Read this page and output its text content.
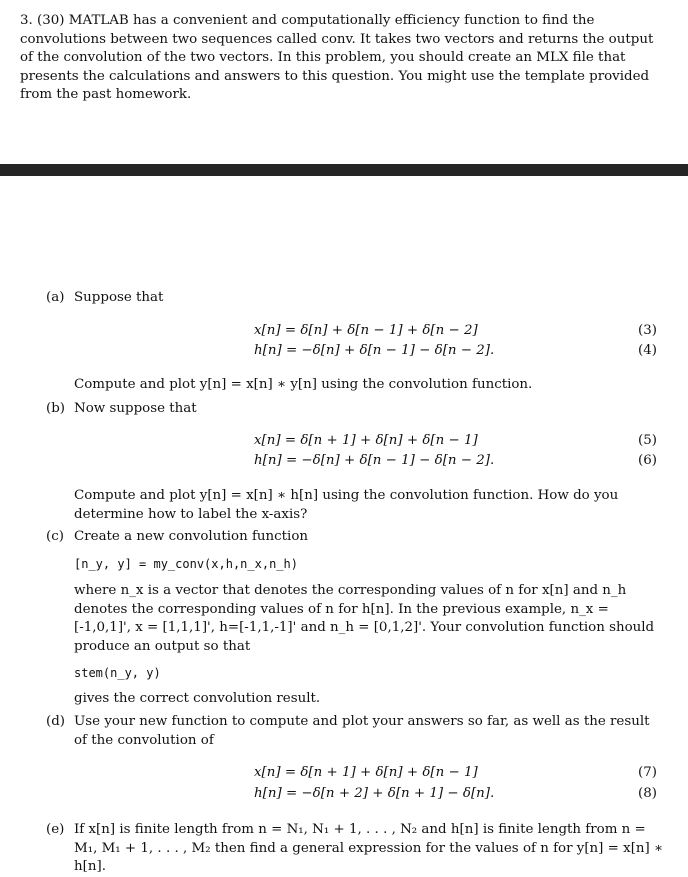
3. (30) MATLAB has a convenient and computationally efficiency function to find the convolutions between two sequences called conv. It takes two vectors and returns the output of the convolution of the two vectors. In this problem, you should create an MLX file that presents the calculations and answers to this question. You might use the template provided from the past homework.
(a) Suppose that
x[n] = δ[n] + δ[n − 1] + δ[n − 2]	(3)
h[n] = −δ[n] + δ[n − 1] − δ[n − 2].	(4)
Compute and plot y[n] = x[n] ∗ y[n] using the convolution function.
(b) Now suppose that
x[n] = δ[n + 1] + δ[n] + δ[n − 1]	(5)
h[n] = −δ[n] + δ[n − 1] − δ[n − 2].	(6)
Compute and plot y[n] = x[n] ∗ h[n] using the convolution function. How do you determine how to label the x-axis?
(c) Create a new convolution function
[n_y, y] = my_conv(x,h,n_x,n_h)
where n_x is a vector that denotes the corresponding values of n for x[n] and n_h denotes the corresponding values of n for h[n]. In the previous example, n_x = [-1,0,1]', x = [1,1,1]', h=[-1,1,-1]' and n_h = [0,1,2]'. Your convolution function should produce an output so that
stem(n_y, y)
gives the correct convolution result.
(d) Use your new function to compute and plot your answers so far, as well as the result of the convolution of
x[n] = δ[n + 1] + δ[n] + δ[n − 1]	(7)
h[n] = −δ[n + 2] + δ[n + 1] − δ[n].	(8)
(e) If x[n] is finite length from n = N₁, N₁ + 1, . . . , N₂ and h[n] is finite length from n = M₁, M₁ + 1, . . . , M₂ then find a general expression for the values of n for y[n] = x[n] ∗ h[n].
